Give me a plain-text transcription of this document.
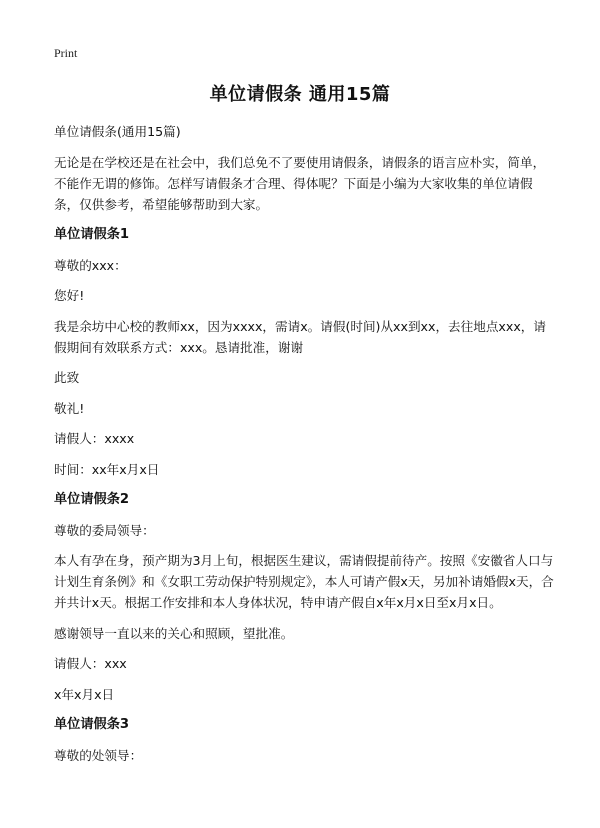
Print
单位请假条 通用15篇

单位请假条(通用15篇)

无论是在学校还是在社会中，我们总免不了要使用请假条，请假条的语言应朴实，简单，不能作无谓的修饰。怎样写请假条才合理、得体呢？下面是小编为大家收集的单位请假条，仅供参考，希望能够帮助到大家。

单位请假条1

尊敬的xxx：

您好!

我是余坊中心校的教师xx，因为xxxx，需请x。请假(时间)从xx到xx，去往地点xxx，请假期间有效联系方式：xxx。恳请批准，谢谢

此致

敬礼!

请假人：xxxx

时间：xx年x月x日

单位请假条2

尊敬的委局领导：

本人有孕在身，预产期为3月上旬，根据医生建议，需请假提前待产。按照《安徽省人口与计划生育条例》和《女职工劳动保护特别规定》，本人可请产假x天，另加补请婚假x天，合并共计x天。根据工作安排和本人身体状况，特申请产假自x年x月x日至x月x日。

感谢领导一直以来的关心和照顾，望批准。

请假人：xxx

x年x月x日

单位请假条3

尊敬的处领导：
